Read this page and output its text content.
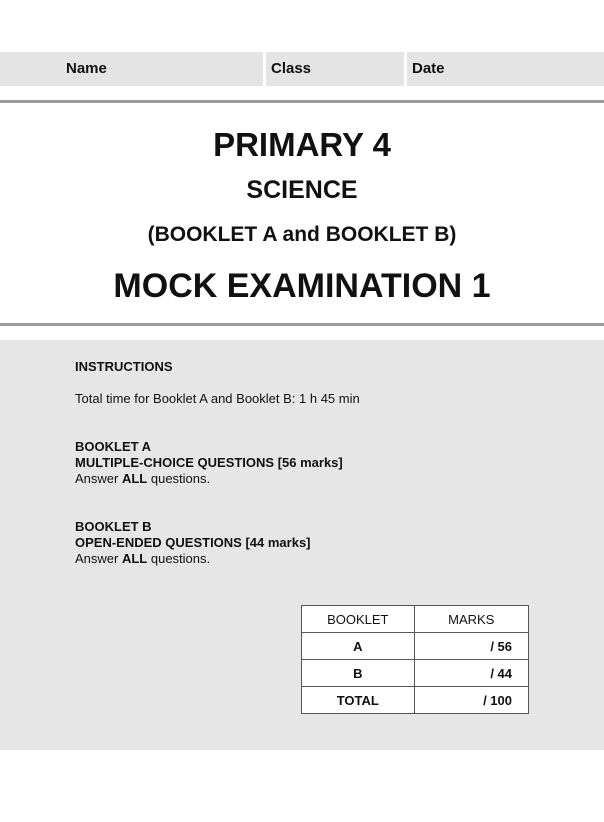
Name	Class	Date
PRIMARY 4
SCIENCE
(BOOKLET A and BOOKLET B)
MOCK EXAMINATION 1
INSTRUCTIONS
Total time for Booklet A and Booklet B: 1 h 45 min
BOOKLET A
MULTIPLE-CHOICE QUESTIONS [56 marks]
Answer ALL questions.
BOOKLET B
OPEN-ENDED QUESTIONS [44 marks]
Answer ALL questions.
BOOKLET	MARKS
A	/ 56
B	/ 44
TOTAL	/ 100
